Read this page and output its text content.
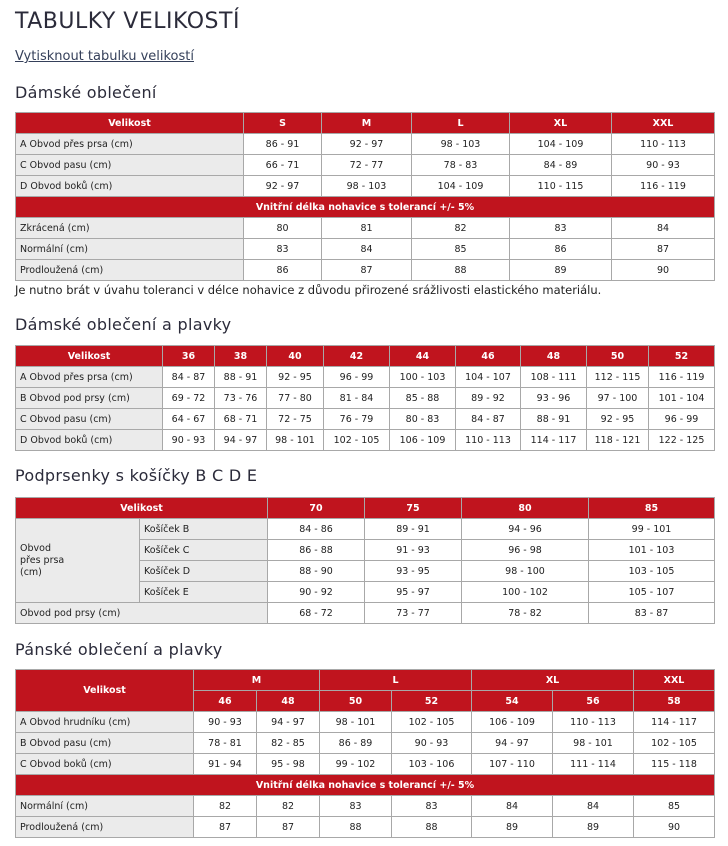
TABULKY VELIKOSTÍ
Vytisknout tabulku velikostí
Dámské oblečení
Velikost	S	M	L	XL	XXL
A Obvod přes prsa (cm)	86 - 91	92 - 97	98 - 103	104 - 109	110 - 113
C Obvod pasu (cm)	66 - 71	72 - 77	78 - 83	84 - 89	90 - 93
D Obvod boků (cm)	92 - 97	98 - 103	104 - 109	110 - 115	116 - 119
Vnitřní délka nohavice s tolerancí +/- 5%					
Zkrácená (cm)	80	81	82	83	84
Normální (cm)	83	84	85	86	87
Prodloužená (cm)	86	87	88	89	90
Je nutno brát v úvahu toleranci v délce nohavice z důvodu přirozené srážlivosti elastického materiálu.
Dámské oblečení a plavky
Velikost	36	38	40	42	44	46	48	50	52
A Obvod přes prsa (cm)	84 - 87	88 - 91	92 - 95	96 - 99	100 - 103	104 - 107	108 - 111	112 - 115	116 - 119
B Obvod pod prsy (cm)	69 - 72	73 - 76	77 - 80	81 - 84	85 - 88	89 - 92	93 - 96	97 - 100	101 - 104
C Obvod pasu (cm)	64 - 67	68 - 71	72 - 75	76 - 79	80 - 83	84 - 87	88 - 91	92 - 95	96 - 99
D Obvod boků (cm)	90 - 93	94 - 97	98 - 101	102 - 105	106 - 109	110 - 113	114 - 117	118 - 121	122 - 125
Podprsenky s košíčky B C D E
Velikost		70	75	80	85
Obvod
přes prsa
(cm)	Košíček B	84 - 86	89 - 91	94 - 96	99 - 101
	Košíček C	86 - 88	91 - 93	96 - 98	101 - 103
	Košíček D	88 - 90	93 - 95	98 - 100	103 - 105
	Košíček E	90 - 92	95 - 97	100 - 102	105 - 107
Obvod pod prsy (cm)		68 - 72	73 - 77	78 - 82	83 - 87
Pánské oblečení a plavky
Velikost	M		L		XL		XXL
	46	48	50	52	54	56	58
A Obvod hrudníku (cm)	90 - 93	94 - 97	98 - 101	102 - 105	106 - 109	110 - 113	114 - 117
B Obvod pasu (cm)	78 - 81	82 - 85	86 - 89	90 - 93	94 - 97	98 - 101	102 - 105
C Obvod boků (cm)	91 - 94	95 - 98	99 - 102	103 - 106	107 - 110	111 - 114	115 - 118
Vnitřní délka nohavice s tolerancí +/- 5%							
Normální (cm)	82	82	83	83	84	84	85
Prodloužená (cm)	87	87	88	88	89	89	90
